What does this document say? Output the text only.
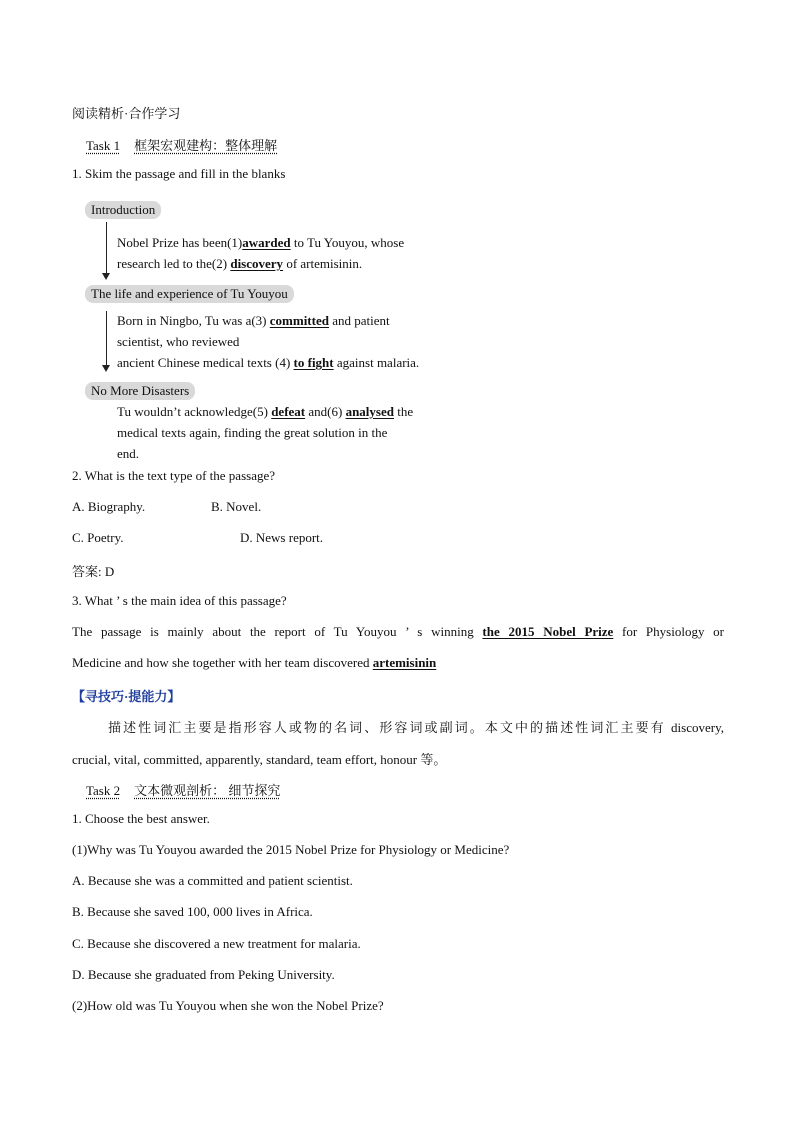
阅读精析·合作学习
Task 1 框架宏观建构：整体理解
1. Skim the passage and fill in the blanks
Introduction
Nobel Prize has been(1)awarded to Tu Youyou, whose
research led to the(2) discovery of artemisinin.
The life and experience of Tu Youyou
Born in Ningbo, Tu was a(3) committed and patient
scientist, who reviewed
ancient Chinese medical texts (4) to fight against malaria.
No More Disasters
Tu wouldn’t acknowledge(5) defeat and(6) analysed the
medical texts again, finding the great solution in the
end.
2. What is the text type of the passage?
A. Biography.	B. Novel.
C. Poetry.	D. News report.
答案: D
3. What ’ s the main idea of this passage?
The passage is mainly about the report of Tu Youyou ’ s winning the 2015 Nobel Prize for Physiology or
Medicine and how she together with her team discovered artemisinin
【寻技巧·提能力】
描述性词汇主要是指形容人或物的名词、形容词或副词。本文中的描述性词汇主要有 discovery,
crucial, vital, committed, apparently, standard, team effort, honour 等。
Task 2 文本微观剖析： 细节探究
1. Choose the best answer.
(1)Why was Tu Youyou awarded the 2015 Nobel Prize for Physiology or Medicine?
A. Because she was a committed and patient scientist.
B. Because she saved 100, 000 lives in Africa.
C. Because she discovered a new treatment for malaria.
D. Because she graduated from Peking University.
(2)How old was Tu Youyou when she won the Nobel Prize?
